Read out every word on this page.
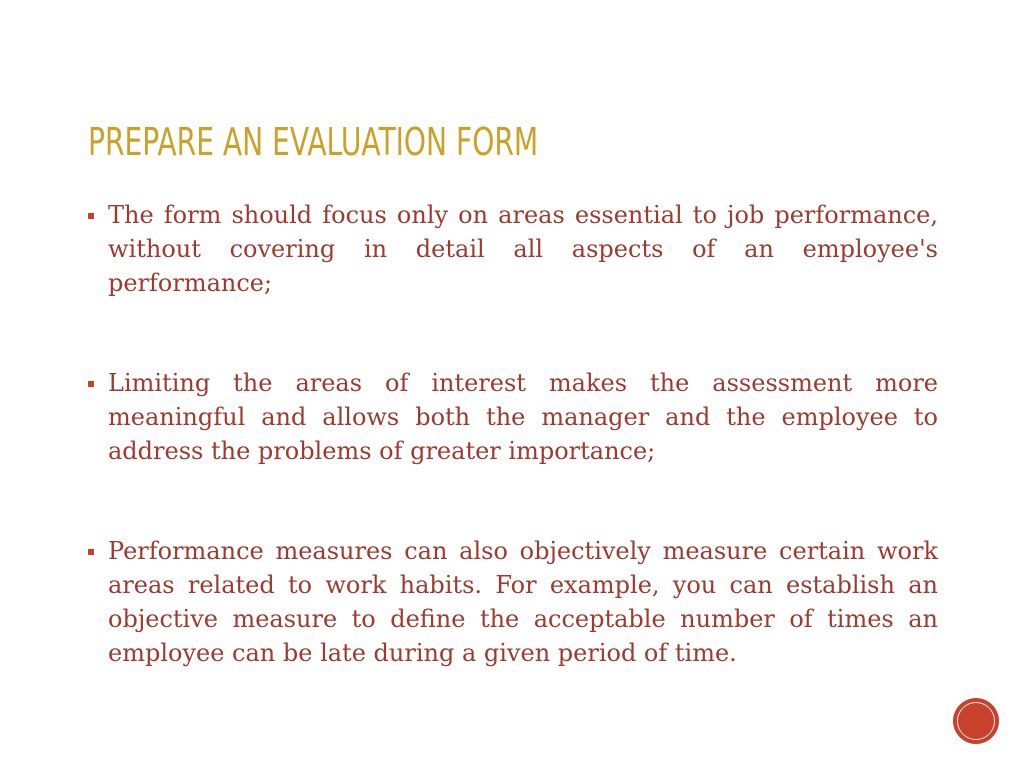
PREPARE AN EVALUATION FORM
The form should focus only on areas essential to job performance, without covering in detail all aspects of an employee's performance;
Limiting the areas of interest makes the assessment more meaningful and allows both the manager and the employee to address the problems of greater importance;
Performance measures can also objectively measure certain work areas related to work habits. For example, you can establish an objective measure to define the acceptable number of times an employee can be late during a given period of time.
